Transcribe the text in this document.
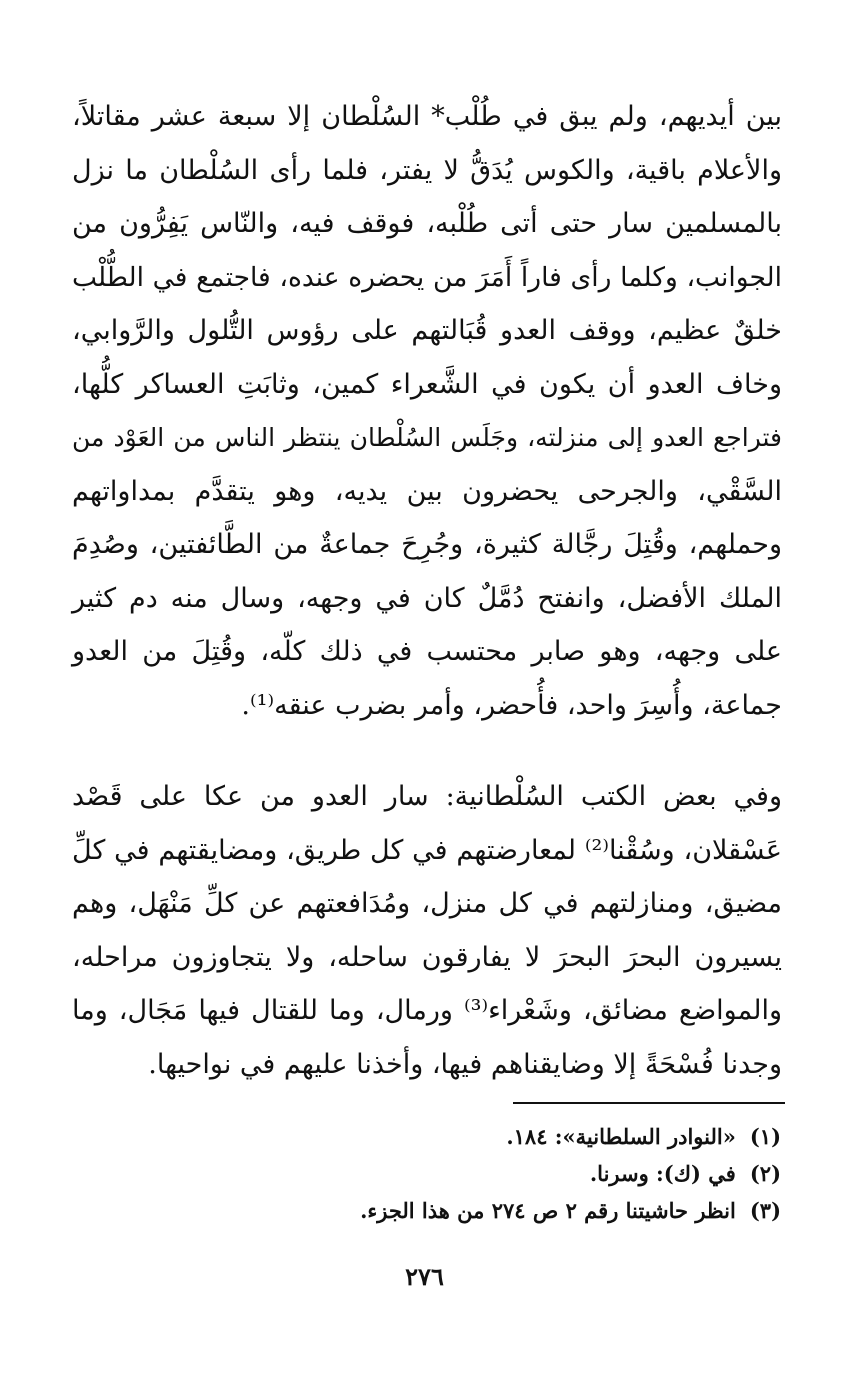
بين أيديهم، ولم يبق في طُلْب* السُلْطان إلا سبعة عشر مقاتلاً،
والأعلام باقية، والكوس يُدَقُّ لا يفتر، فلما رأى السُلْطان ما نزل
بالمسلمين سار حتى أتى طُلْبه، فوقف فيه، والنّاس يَفِرُّون من
الجوانب، وكلما رأى فاراً أَمَرَ من يحضره عنده، فاجتمع في الطُّلْب
خلقٌ عظيم، ووقف العدو قُبَالتهم على رؤوس التُّلول والرَّوابي،
وخاف العدو أن يكون في الشَّعراء كمين، وثابَتِ العساكر كلُّها،
فتراجع العدو إلى منزلته، وجَلَس السُلْطان ينتظر الناس من العَوْد من
السَّقْي، والجرحى يحضرون بين يديه، وهو يتقدَّم بمداواتهم
وحملهم، وقُتِلَ رجَّالة كثيرة، وجُرِحَ جماعةٌ من الطَّائفتين، وصُدِمَ
الملك الأفضل، وانفتح دُمَّلٌ كان في وجهه، وسال منه دم كثير
على وجهه، وهو صابر محتسب في ذلك كلّه، وقُتِلَ من العدو
جماعة، وأُسِرَ واحد، فأُحضر، وأمر بضرب عنقه⁽¹⁾.
وفي بعض الكتب السُلْطانية: سار العدو من عكا على قَصْد
عَسْقلان، وسُقْنا⁽²⁾ لمعارضتهم في كل طريق، ومضايقتهم في كلِّ
مضيق، ومنازلتهم في كل منزل، ومُدَافعتهم عن كلِّ مَنْهَل، وهم
يسيرون البحرَ البحرَ لا يفارقون ساحله، ولا يتجاوزون مراحله،
والمواضع مضائق، وشَعْراء⁽³⁾ ورمال، وما للقتال فيها مَجَال، وما
وجدنا فُسْحَةً إلا وضايقناهم فيها، وأخذنا عليهم في نواحيها.
(١)«النوادر السلطانية»: ١٨٤.
(٢)في (ك): وسرنا.
(٣)انظر حاشيتنا رقم ٢ ص ٢٧٤ من هذا الجزء.
٢٧٦
